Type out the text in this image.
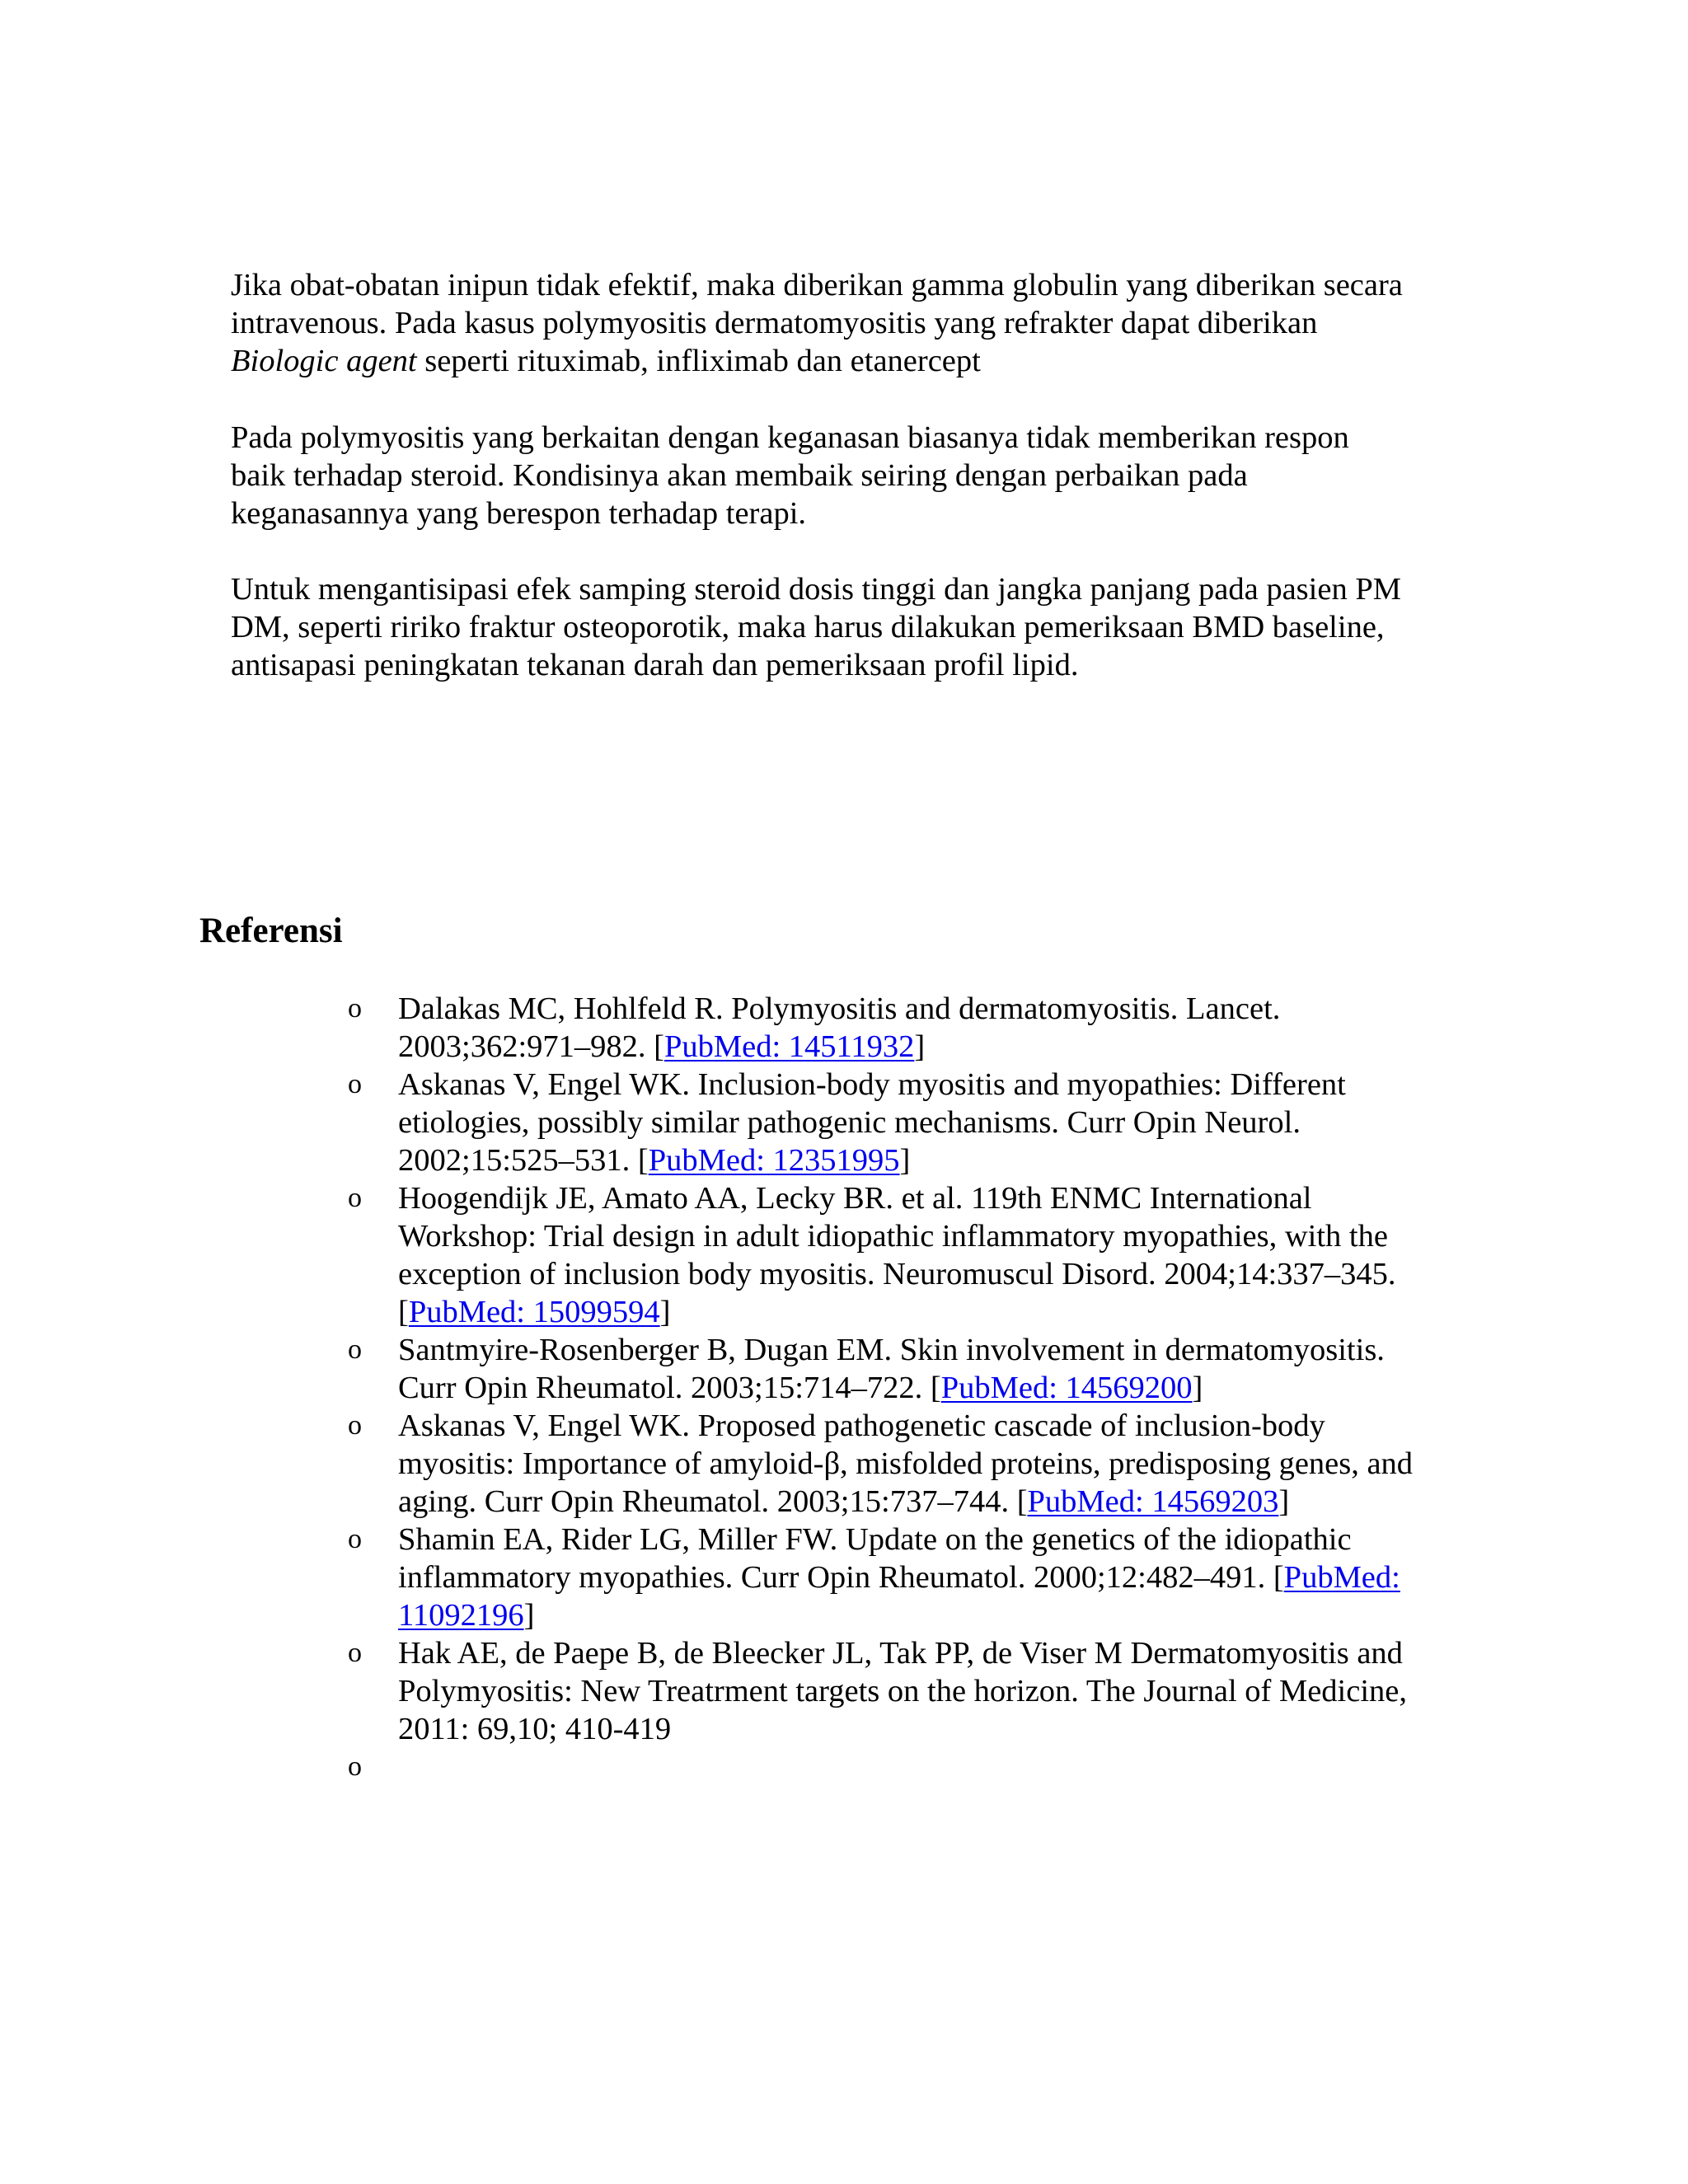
Jika obat-obatan inipun tidak efektif, maka diberikan gamma globulin yang diberikan secara
intravenous. Pada kasus polymyositis dermatomyositis yang refrakter dapat diberikan
Biologic agent seperti rituximab, infliximab dan etanercept

Pada polymyositis yang berkaitan dengan keganasan biasanya tidak memberikan respon
baik terhadap steroid. Kondisinya akan membaik seiring dengan perbaikan pada
keganasannya yang berespon terhadap terapi.

Untuk mengantisipasi efek samping steroid dosis tinggi dan jangka panjang pada pasien PM
DM, seperti ririko fraktur osteoporotik, maka harus dilakukan pemeriksaan BMD baseline,
antisapasi peningkatan tekanan darah dan pemeriksaan profil lipid.

Referensi
o Dalakas MC, Hohlfeld R. Polymyositis and dermatomyositis. Lancet.
2003;362:971–982. [PubMed: 14511932]
o Askanas V, Engel WK. Inclusion-body myositis and myopathies: Different
etiologies, possibly similar pathogenic mechanisms. Curr Opin Neurol.
2002;15:525–531. [PubMed: 12351995]
o Hoogendijk JE, Amato AA, Lecky BR. et al. 119th ENMC International
Workshop: Trial design in adult idiopathic inflammatory myopathies, with the
exception of inclusion body myositis. Neuromuscul Disord. 2004;14:337–345.
[PubMed: 15099594]
o Santmyire-Rosenberger B, Dugan EM. Skin involvement in dermatomyositis.
Curr Opin Rheumatol. 2003;15:714–722. [PubMed: 14569200]
o Askanas V, Engel WK. Proposed pathogenetic cascade of inclusion-body
myositis: Importance of amyloid-β, misfolded proteins, predisposing genes, and
aging. Curr Opin Rheumatol. 2003;15:737–744. [PubMed: 14569203]
o Shamin EA, Rider LG, Miller FW. Update on the genetics of the idiopathic
inflammatory myopathies. Curr Opin Rheumatol. 2000;12:482–491. [PubMed:
11092196]
o Hak AE, de Paepe B, de Bleecker JL, Tak PP, de Viser M Dermatomyositis and
Polymyositis: New Treatrment targets on the horizon. The Journal of Medicine,
2011: 69,10; 410-419
o
